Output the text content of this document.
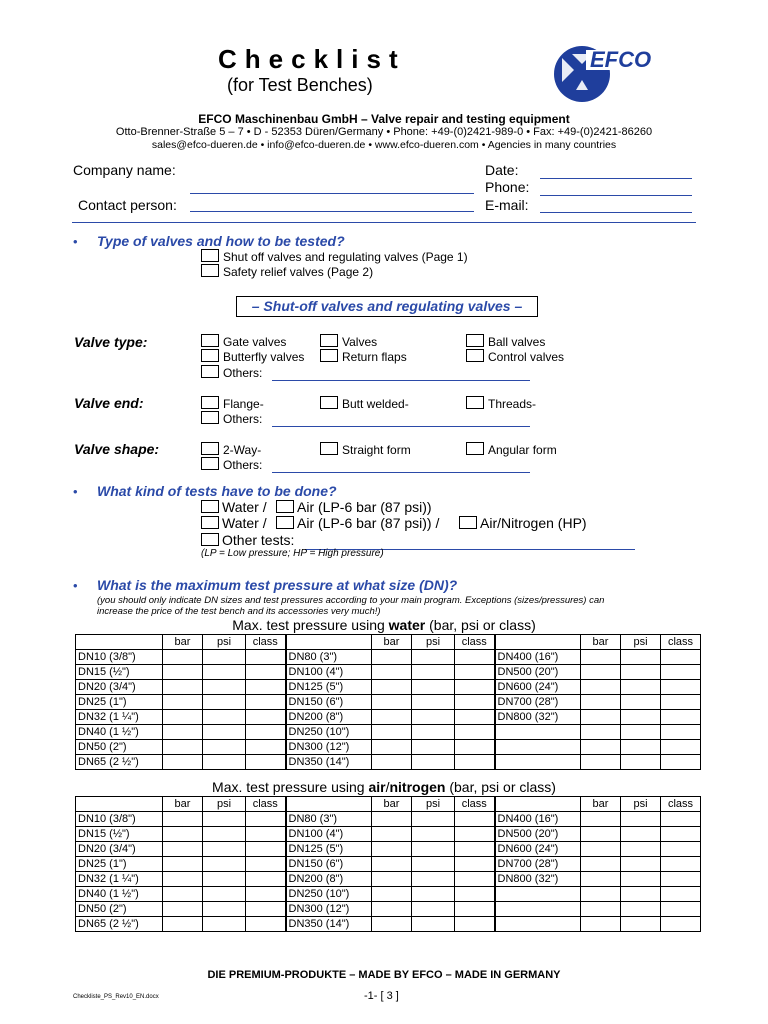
Checklist
(for Test Benches)
EFCO
EFCO Maschinenbau GmbH – Valve repair and testing equipment
Otto-Brenner-Straße 5 – 7 • D - 52353 Düren/Germany • Phone: +49-(0)2421-989-0 • Fax: +49-(0)2421-86260
sales@efco-dueren.de • info@efco-dueren.de • www.efco-dueren.com • Agencies in many countries
Company name:
Contact person:
Date:
Phone:
E-mail:
• Type of valves and how to be tested?
Shut off valves and regulating valves (Page 1)
Safety relief valves (Page 2)
– Shut-off valves and regulating valves –
Valve type:	Gate valves	Valves	Ball valves
Butterfly valves	Return flaps	Control valves
Others:
Valve end:	Flange-	Butt welded-	Threads-
Others:
Valve shape:	2-Way-	Straight form	Angular form
Others:
• What kind of tests have to be done?
Water / Air (LP-6 bar (87 psi))
Water / Air (LP-6 bar (87 psi)) /	Air/Nitrogen (HP)
Other tests:
(LP = Low pressure; HP = High pressure)
• What is the maximum test pressure at what size (DN)?
(you should only indicate DN sizes and test pressures according to your main program. Exceptions (sizes/pressures) can
increase the price of the test bench and its accessories very much!)
Max. test pressure using water (bar, psi or class)
	bar	psi	class		bar	psi	class		bar	psi	class
DN10 (3/8")				DN80 (3")				DN400 (16")			
DN15 (½")				DN100 (4")				DN500 (20")			
DN20 (3/4")				DN125 (5")				DN600 (24")			
DN25 (1")				DN150 (6")				DN700 (28")			
DN32 (1 ¼")				DN200 (8")				DN800 (32")			
DN40 (1 ½")				DN250 (10")							
DN50 (2")				DN300 (12")							
DN65 (2 ½")				DN350 (14")							
Max. test pressure using air/nitrogen (bar, psi or class)
	bar	psi	class		bar	psi	class		bar	psi	class
DN10 (3/8")				DN80 (3")				DN400 (16")			
DN15 (½")				DN100 (4")				DN500 (20")			
DN20 (3/4")				DN125 (5")				DN600 (24")			
DN25 (1")				DN150 (6")				DN700 (28")			
DN32 (1 ¼")				DN200 (8")				DN800 (32")			
DN40 (1 ½")				DN250 (10")							
DN50 (2")				DN300 (12")							
DN65 (2 ½")				DN350 (14")							
DIE PREMIUM-PRODUKTE – MADE BY EFCO – MADE IN GERMANY
Checkliste_PS_Rev10_EN.docx	-1- [ 3 ]
